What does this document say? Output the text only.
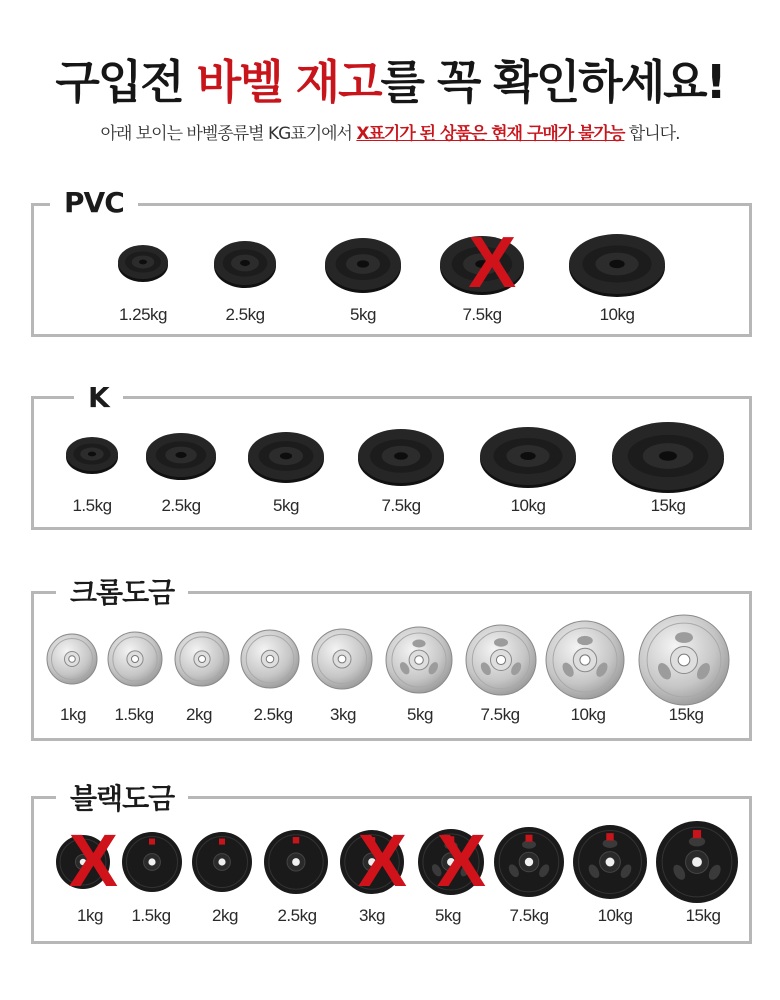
구입전 바벨 재고를 꼭 확인하세요!
아래 보이는 바벨종류별 KG표기에서 X표기가 된 상품은 현재 구매가 불가능 합니다.
PVC
K
크롬도금
블랙도금
1.25kg	2.5kg	5kg	7.5kg
X
10kg
1.5kg	2.5kg	5kg	7.5kg	10kg	15kg
1kg	1.5kg	2kg	2.5kg	3kg	5kg	7.5kg	10kg	15kg
1kg
X
1.5kg	2kg	2.5kg	3kg
X
5kg
X
7.5kg	10kg	15kg
